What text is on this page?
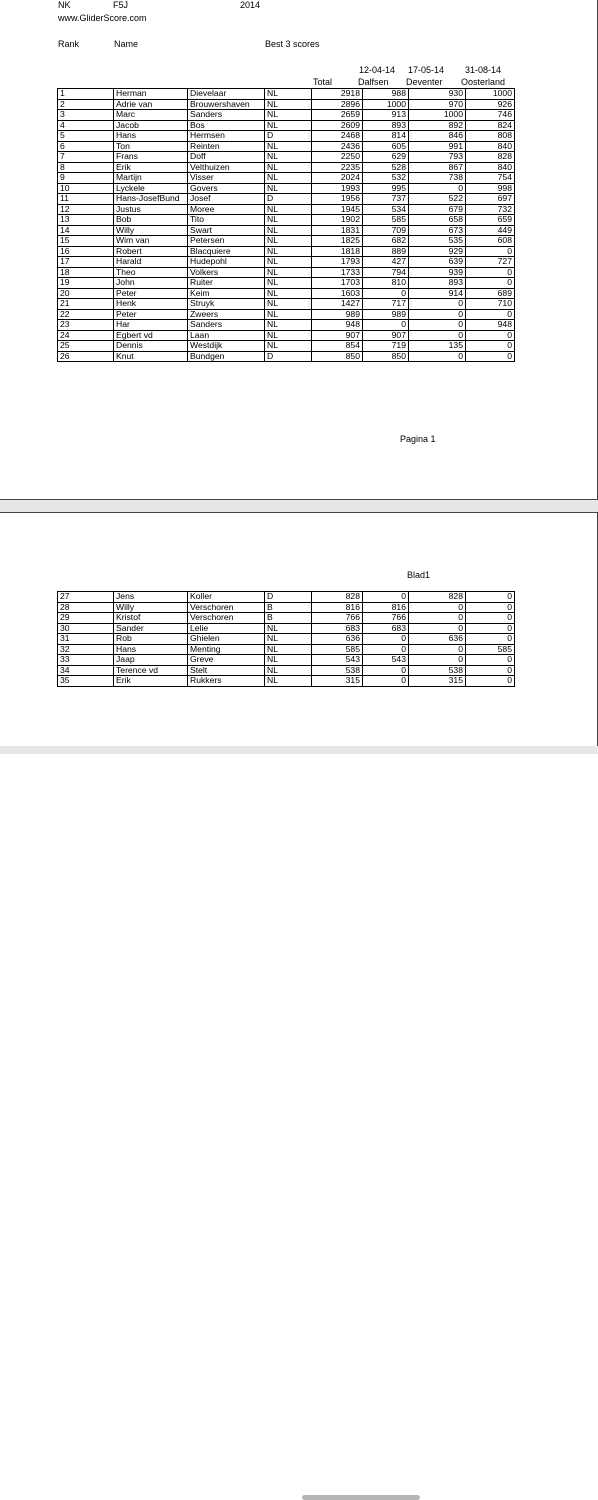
NK	F5J	2014
www.GliderScore.com
Rank	Name	Best 3 scores
12-04-14 17-05-14 31-08-14
Total	Dalfsen Deventer Oosterland
1	Herman	Dievelaar	NL	2918	988	930	1000
2	Adrie van	Brouwershaven	NL	2896	1000	970	926
3	Marc	Sanders	NL	2659	913	1000	746
4	Jacob	Bos	NL	2609	893	892	824
5	Hans	Hermsen	D	2468	814	846	808
6	Ton	Reinten	NL	2436	605	991	840
7	Frans	Doff	NL	2250	629	793	828
8	Erik	Velthuizen	NL	2235	528	867	840
9	Martijn	Visser	NL	2024	532	738	754
10	Lyckele	Govers	NL	1993	995	0	998
11	Hans-JosefBund	Josef	D	1956	737	522	697
12	Justus	Moree	NL	1945	534	679	732
13	Bob	Tito	NL	1902	585	658	659
14	Willy	Swart	NL	1831	709	673	449
15	Wim van	Petersen	NL	1825	682	535	608
16	Robert	Blacquiere	NL	1818	889	929	0
17	Harald	Hudepohl	NL	1793	427	639	727
18	Theo	Volkers	NL	1733	794	939	0
19	John	Ruiter	NL	1703	810	893	0
20	Peter	Keim	NL	1603	0	914	689
21	Henk	Struyk	NL	1427	717	0	710
22	Peter	Zweers	NL	989	989	0	0
23	Har	Sanders	NL	948	0	0	948
24	Egbert vd	Laan	NL	907	907	0	0
25	Dennis	Westdijk	NL	854	719	135	0
26	Knut	Bundgen	D	850	850	0	0
Pagina 1
Blad1
27	Jens	Koller	D	828	0	828	0
28	Willy	Verschoren	B	816	816	0	0
29	Kristof	Verschoren	B	766	766	0	0
30	Sander	Lelie	NL	683	683	0	0
31	Rob	Ghielen	NL	636	0	636	0
32	Hans	Menting	NL	585	0	0	585
33	Jaap	Greve	NL	543	543	0	0
34	Terence vd	Stelt	NL	538	0	538	0
35	Erik	Rukkers	NL	315	0	315	0
